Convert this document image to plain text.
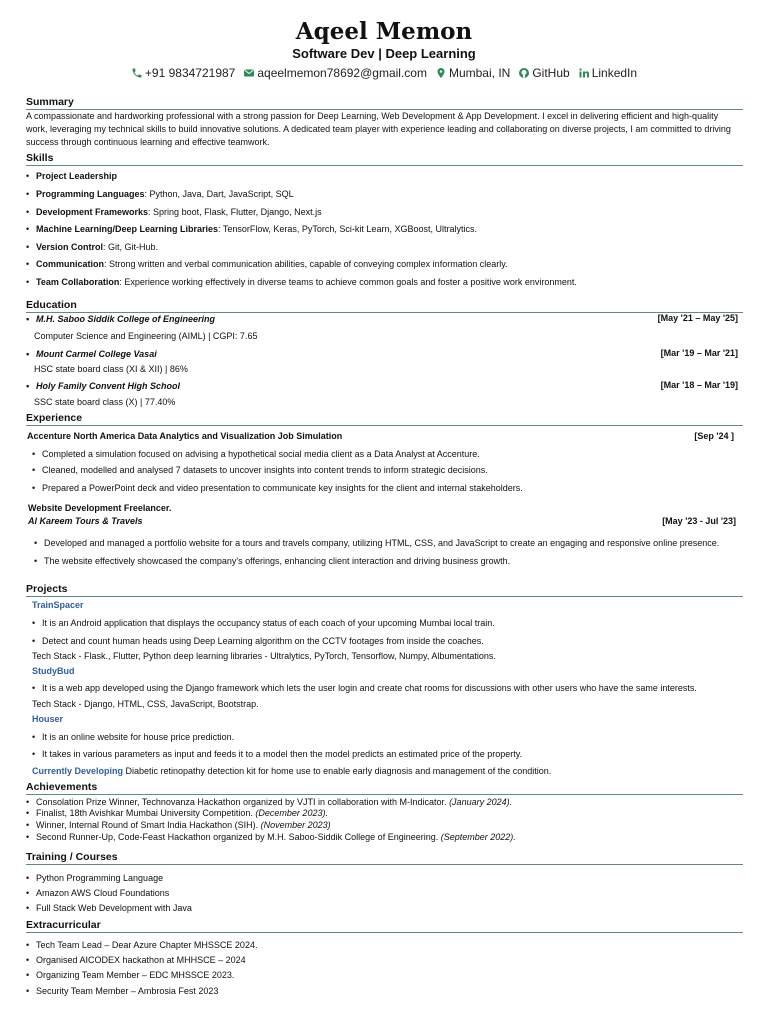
Aqeel Memon
Software Dev | Deep Learning
+91 9834721987 aqeelmemon78692@gmail.com Mumbai, IN GitHub LinkedIn
Summary
A compassionate and hardworking professional with a strong passion for Deep Learning, Web Development & App Development. I excel in delivering efficient and high-quality work, leveraging my technical skills to build innovative solutions. A dedicated team player with experience leading and collaborating on diverse projects, I am committed to driving success through continuous learning and effective teamwork.
Skills
• Project Leadership
• Programming Languages: Python, Java, Dart, JavaScript, SQL
• Development Frameworks: Spring boot, Flask, Flutter, Django, Next.js
• Machine Learning/Deep Learning Libraries: TensorFlow, Keras, PyTorch, Sci-kit Learn, XGBoost, Ultralytics.
• Version Control: Git, Git-Hub.
• Communication: Strong written and verbal communication abilities, capable of conveying complex information clearly.
• Team Collaboration: Experience working effectively in diverse teams to achieve common goals and foster a positive work environment.
Education
• M.H. Saboo Siddik College of Engineering	[May '21 – May '25]
Computer Science and Engineering (AIML) | CGPI: 7.65
• Mount Carmel College Vasai	[Mar '19 – Mar '21]
HSC state board class (XI & XII) | 86%
• Holy Family Convent High School	[Mar '18 – Mar '19]
SSC state board class (X) | 77.40%
Experience
Accenture North America Data Analytics and Visualization Job Simulation	[Sep '24 ]
• Completed a simulation focused on advising a hypothetical social media client as a Data Analyst at Accenture.
• Cleaned, modelled and analysed 7 datasets to uncover insights into content trends to inform strategic decisions.
• Prepared a PowerPoint deck and video presentation to communicate key insights for the client and internal stakeholders.
Website Development Freelancer.
Al Kareem Tours & Travels	[May '23 - Jul '23]
• Developed and managed a portfolio website for a tours and travels company, utilizing HTML, CSS, and JavaScript to create an engaging and responsive online presence.
• The website effectively showcased the company's offerings, enhancing client interaction and driving business growth.
Projects
TrainSpacer
• It is an Android application that displays the occupancy status of each coach of your upcoming Mumbai local train.
• Detect and count human heads using Deep Learning algorithm on the CCTV footages from inside the coaches.
Tech Stack - Flask., Flutter, Python deep learning libraries - Ultralytics, PyTorch, Tensorflow, Numpy, Albumentations.
StudyBud
• It is a web app developed using the Django framework which lets the user login and create chat rooms for discussions with other users who have the same interests.
Tech Stack - Django, HTML, CSS, JavaScript, Bootstrap.
Houser
• It is an online website for house price prediction.
• It takes in various parameters as input and feeds it to a model then the model predicts an estimated price of the property.
Currently Developing Diabetic retinopathy detection kit for home use to enable early diagnosis and management of the condition.
Achievements
• Consolation Prize Winner, Technovanza Hackathon organized by VJTI in collaboration with M-Indicator. (January 2024).
• Finalist, 18th Avishkar Mumbai University Competition. (December 2023).
• Winner, Internal Round of Smart India Hackathon (SIH). (November 2023)
• Second Runner-Up, Code-Feast Hackathon organized by M.H. Saboo-Siddik College of Engineering. (September 2022).
Training / Courses
• Python Programming Language
• Amazon AWS Cloud Foundations
• Full Stack Web Development with Java
Extracurricular
• Tech Team Lead – Dear Azure Chapter MHSSCE 2024.
• Organised AICODEX hackathon at MHHSCE – 2024
• Organizing Team Member – EDC MHSSCE 2023.
• Security Team Member – Ambrosia Fest 2023
